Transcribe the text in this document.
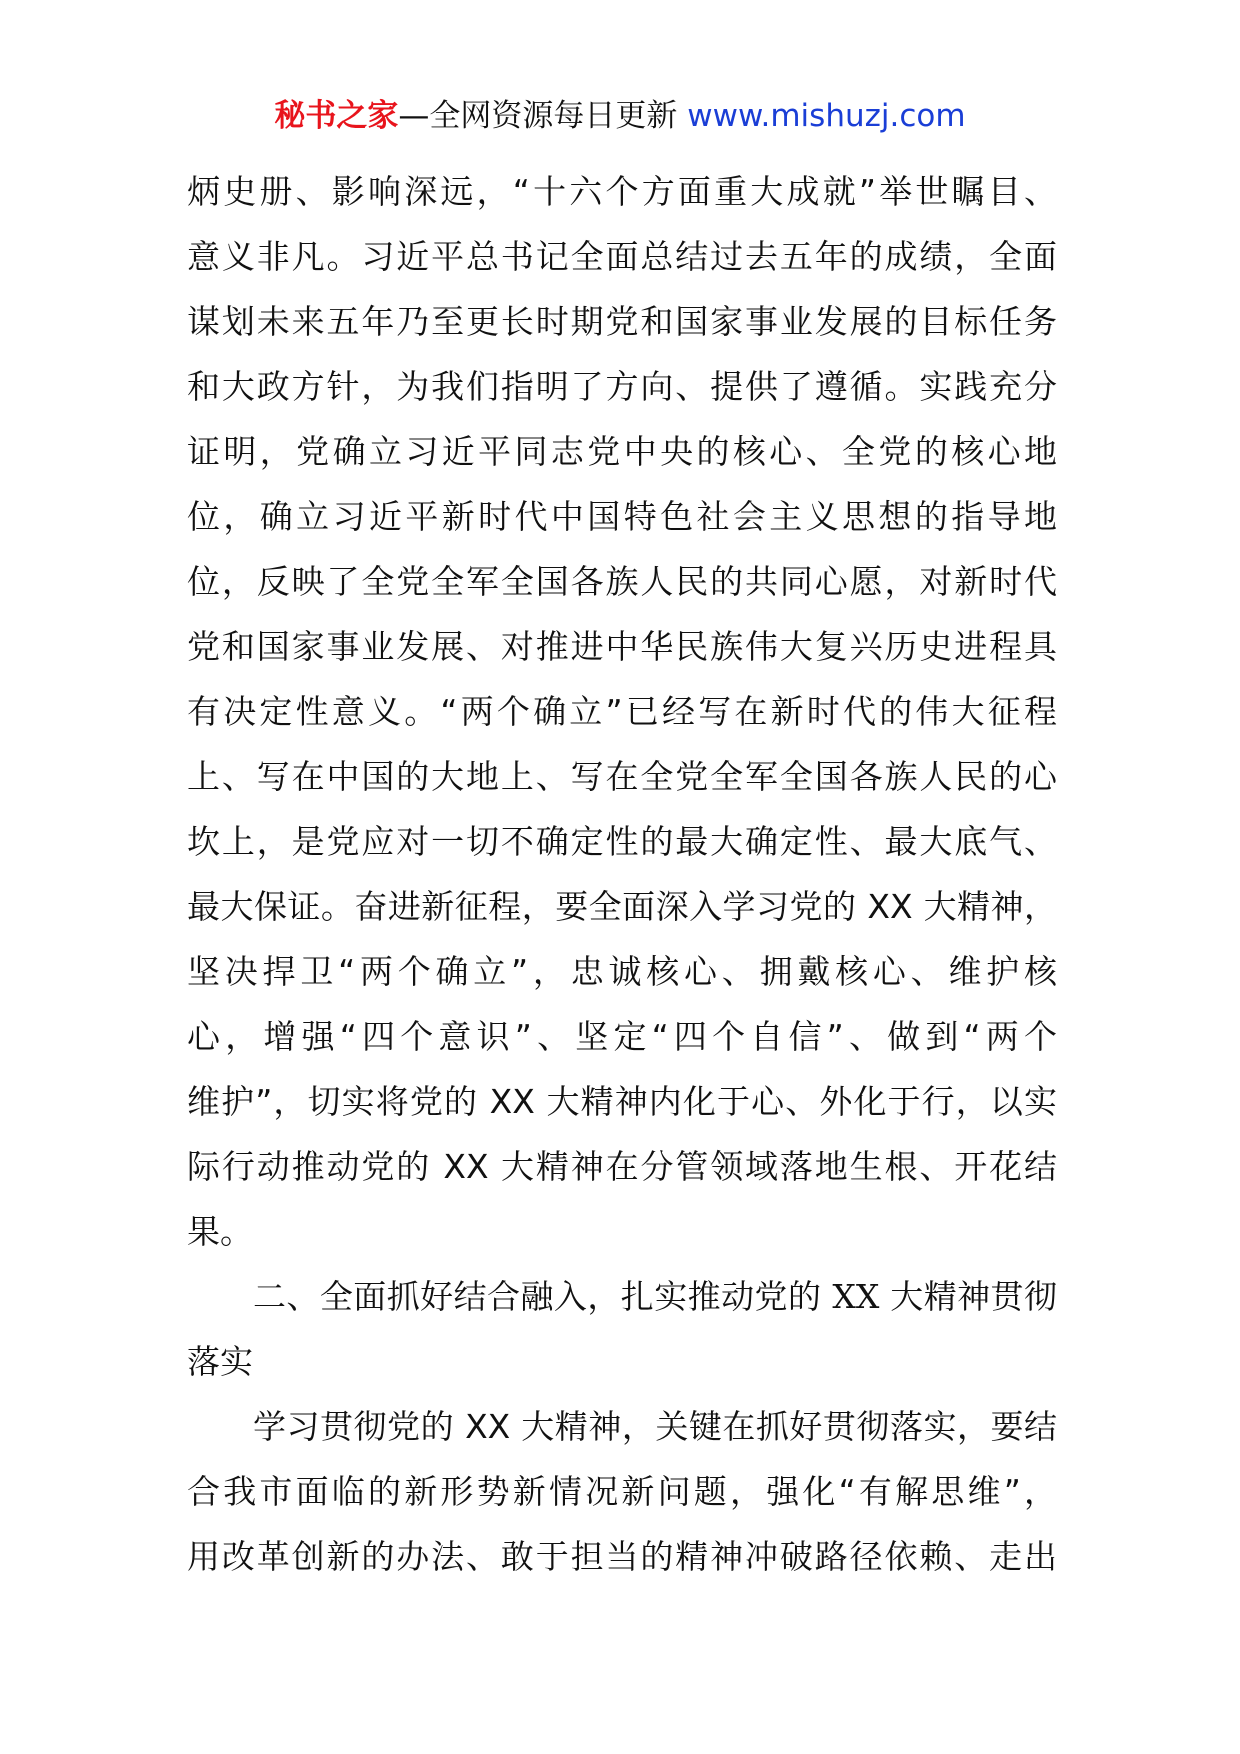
秘书之家—全网资源每日更新 www.mishuzj.com
炳史册、影响深远，“十六个方面重大成就”举世瞩目、
意义非凡。习近平总书记全面总结过去五年的成绩，全面
谋划未来五年乃至更长时期党和国家事业发展的目标任务
和大政方针，为我们指明了方向、提供了遵循。实践充分
证明，党确立习近平同志党中央的核心、全党的核心地
位，确立习近平新时代中国特色社会主义思想的指导地
位，反映了全党全军全国各族人民的共同心愿，对新时代
党和国家事业发展、对推进中华民族伟大复兴历史进程具
有决定性意义。“两个确立”已经写在新时代的伟大征程
上、写在中国的大地上、写在全党全军全国各族人民的心
坎上，是党应对一切不确定性的最大确定性、最大底气、
最大保证。奋进新征程，要全面深入学习党的 XX 大精神，
坚决捍卫“两个确立”，忠诚核心、拥戴核心、维护核
心，增强“四个意识”、坚定“四个自信”、做到“两个
维护”，切实将党的 XX 大精神内化于心、外化于行，以实
际行动推动党的 XX 大精神在分管领域落地生根、开花结
果。
二、全面抓好结合融入，扎实推动党的 XX 大精神贯彻
落实
学习贯彻党的 XX 大精神，关键在抓好贯彻落实，要结
合我市面临的新形势新情况新问题，强化“有解思维”，
用改革创新的办法、敢于担当的精神冲破路径依赖、走出
